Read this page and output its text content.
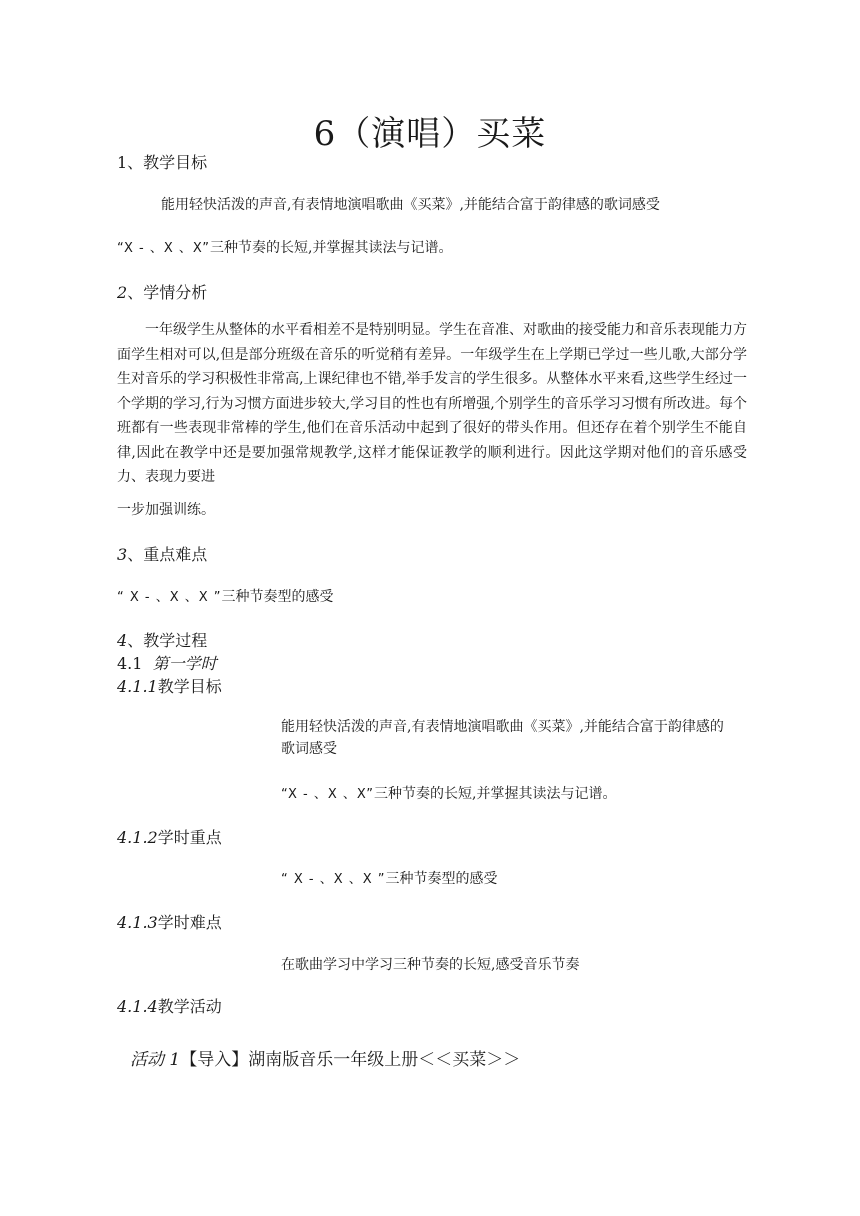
6（演唱）买菜
1、教学目标
能用轻快活泼的声音,有表情地演唱歌曲《买菜》,并能结合富于韵律感的歌词感受
“X - 、X 、X”三种节奏的长短,并掌握其读法与记谱。
2、学情分析

一年级学生从整体的水平看相差不是特别明显。学生在音准、对歌曲的接受能力和音乐表现能力方面学生相对可以,但是部分班级在音乐的听觉稍有差异。一年级学生在上学期已学过一些儿歌,大部分学生对音乐的学习积极性非常高,上课纪律也不错,举手发言的学生很多。从整体水平来看,这些学生经过一个学期的学习,行为习惯方面进步较大,学习目的性也有所增强,个别学生的音乐学习习惯有所改进。每个班都有一些表现非常棒的学生,他们在音乐活动中起到了很好的带头作用。但还存在着个别学生不能自律,因此在教学中还是要加强常规教学,这样才能保证教学的顺利进行。因此这学期对他们的音乐感受力、表现力要进

一步加强训练。
3、重点难点
“ X - 、X 、X ”三种节奏型的感受
4、教学过程
4.1 第一学时
4.1.1教学目标
能用轻快活泼的声音,有表情地演唱歌曲《买菜》,并能结合富于韵律感的歌词感受
“X - 、X 、X”三种节奏的长短,并掌握其读法与记谱。
4.1.2学时重点
“ X - 、X 、X ”三种节奏型的感受
4.1.3学时难点
在歌曲学习中学习三种节奏的长短,感受音乐节奏
4.1.4教学活动
活动 1【导入】湖南版音乐一年级上册＜＜买菜＞＞
